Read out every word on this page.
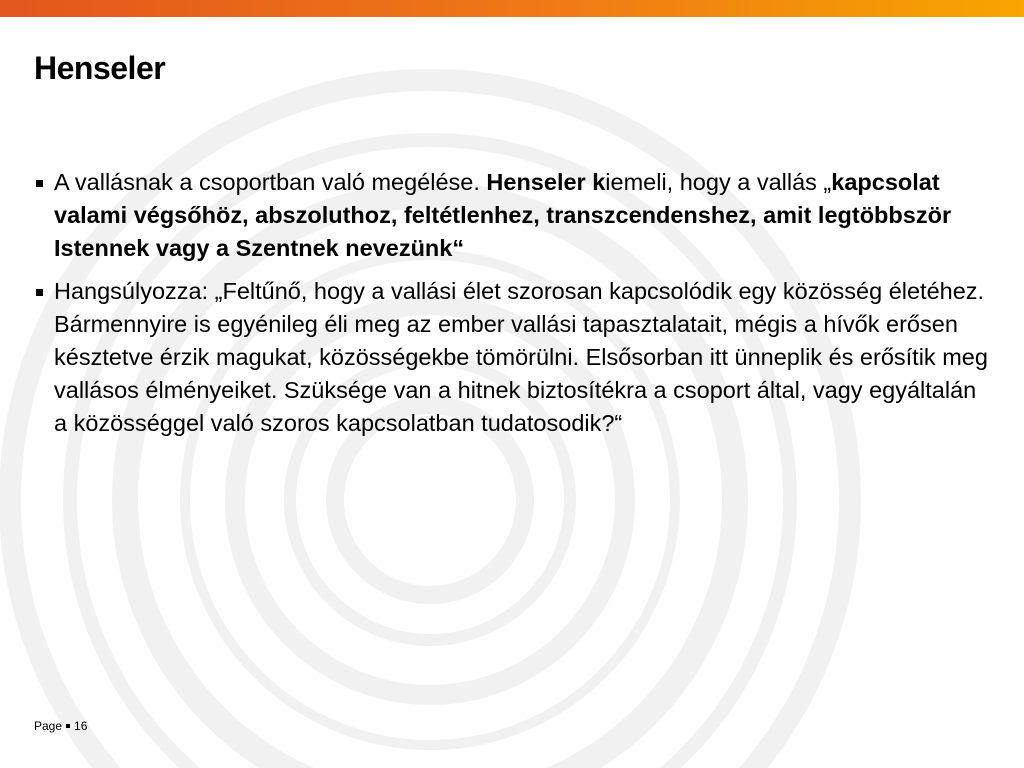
Henseler

A vallásnak a csoportban való megélése. Henseler kiemeli, hogy a vallás „kapcsolat valami végsőhöz, abszoluthoz, feltétlenhez, transzcendenshez, amit legtöbbször Istennek vagy a Szentnek nevezünk“

Hangsúlyozza: „Feltűnő, hogy a vallási élet szorosan kapcsolódik egy közösség életéhez. Bármennyire is egyénileg éli meg az ember vallási tapasztalatait, mégis a hívők erősen késztetve érzik magukat, közösségekbe tömörülni. Elsősorban itt ünneplik és erősítik meg vallásos élményeiket. Szüksége van a hitnek biztosítékra a csoport által, vagy egyáltalán a közösséggel való szoros kapcsolatban tudatosodik?“

Page 16
